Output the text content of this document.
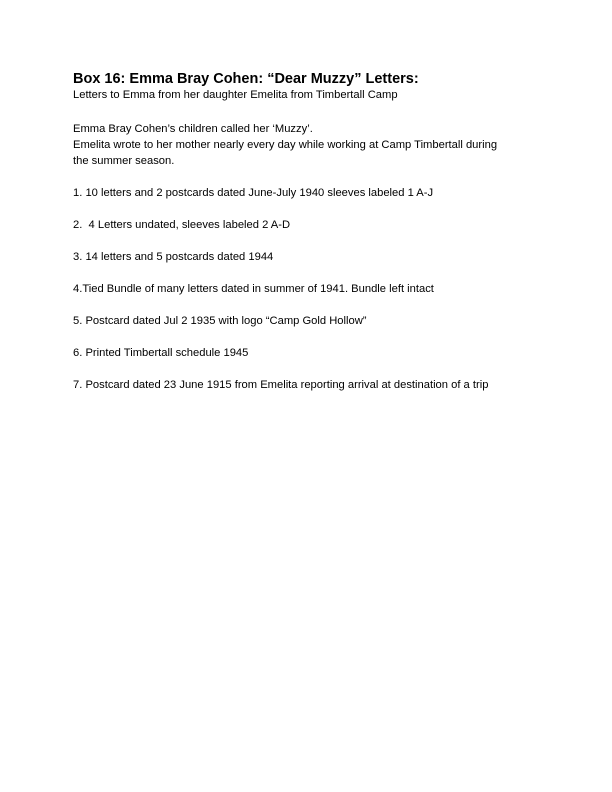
Box 16: Emma Bray Cohen: “Dear Muzzy” Letters:

Letters to Emma from her daughter Emelita from Timbertall Camp

Emma Bray Cohen’s children called her ‘Muzzy’.

Emelita wrote to her mother nearly every day while working at Camp Timbertall during

the summer season.

1. 10 letters and 2 postcards dated June-July 1940 sleeves labeled 1 A-J

2.  4 Letters undated, sleeves labeled 2 A-D

3. 14 letters and 5 postcards dated 1944

4.Tied Bundle of many letters dated in summer of 1941. Bundle left intact

5. Postcard dated Jul 2 1935 with logo “Camp Gold Hollow”

6. Printed Timbertall schedule 1945

7. Postcard dated 23 June 1915 from Emelita reporting arrival at destination of a trip
